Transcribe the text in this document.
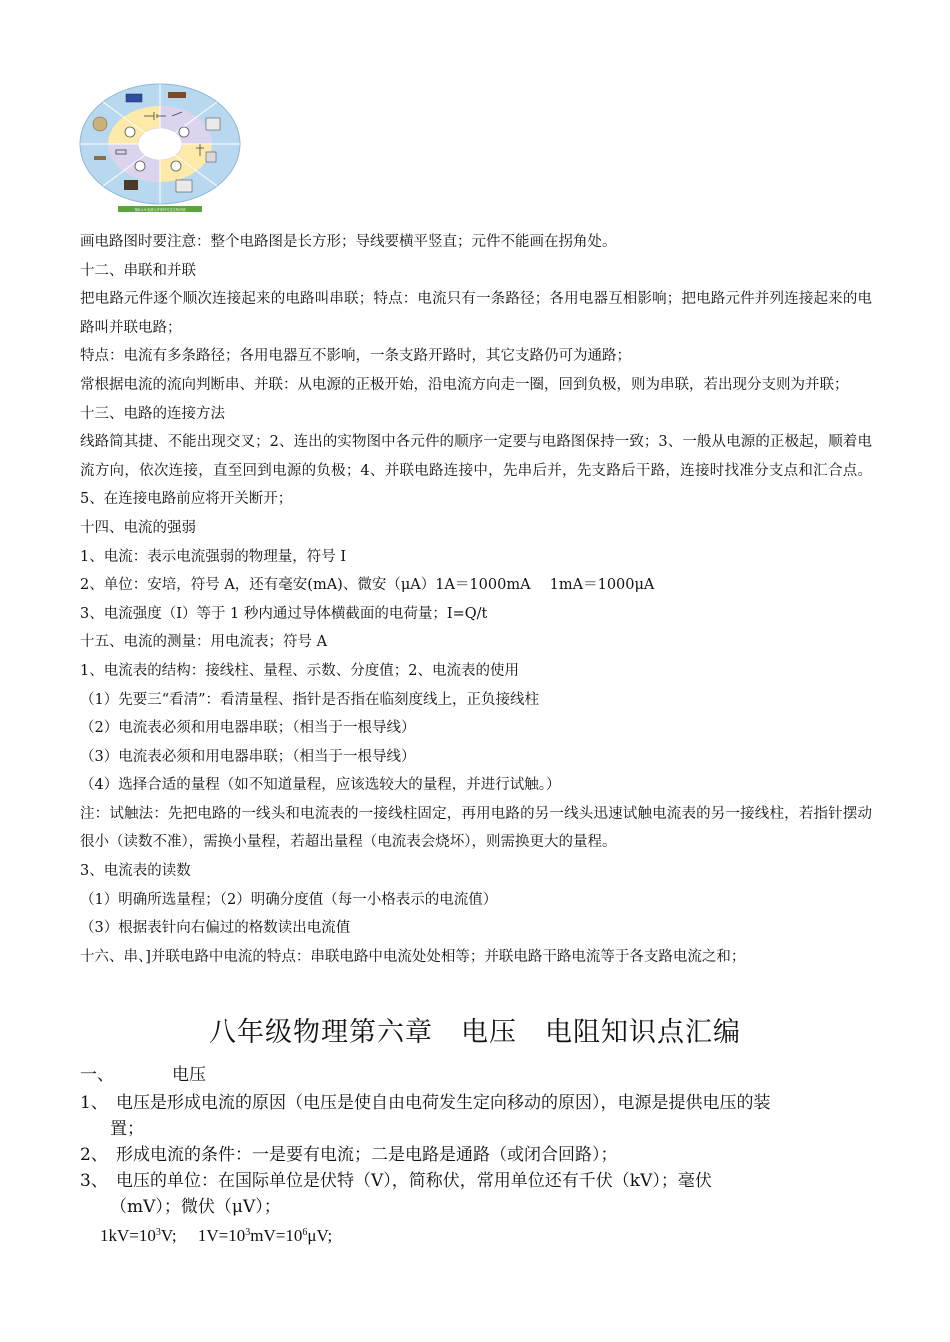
图8-2-9 电路元件的符号及实物对照

画电路图时要注意：整个电路图是长方形；导线要横平竖直；元件不能画在拐角处。

十二、串联和并联

把电路元件逐个顺次连接起来的电路叫串联；特点：电流只有一条路径；各用电器互相影响；把电路元件并列连接起来的电路叫并联电路；

特点：电流有多条路径；各用电器互不影响，一条支路开路时，其它支路仍可为通路；

常根据电流的流向判断串、并联：从电源的正极开始，沿电流方向走一圈，回到负极，则为串联，若出现分支则为并联；

十三、电路的连接方法

线路简其捷、不能出现交叉；2、连出的实物图中各元件的顺序一定要与电路图保持一致；3、一般从电源的正极起，顺着电流方向，依次连接，直至回到电源的负极；4、并联电路连接中，先串后并，先支路后干路，连接时找准分支点和汇合点。5、在连接电路前应将开关断开；

十四、电流的强弱

1、电流：表示电流强弱的物理量，符号 I

2、单位：安培，符号 A，还有毫安(mA)、微安（μA）1A＝1000mA　 1mA＝1000μA

3、电流强度（I）等于 1 秒内通过导体横截面的电荷量；I=Q/t

十五、电流的测量：用电流表；符号 A

1、电流表的结构：接线柱、量程、示数、分度值；2、电流表的使用

（1）先要三“看清”：看清量程、指针是否指在临刻度线上，正负接线柱

（2）电流表必须和用电器串联；（相当于一根导线）

（3）电流表必须和用电器串联；（相当于一根导线）

（4）选择合适的量程（如不知道量程，应该选较大的量程，并进行试触。）

注：试触法：先把电路的一线头和电流表的一接线柱固定，再用电路的另一线头迅速试触电流表的另一接线柱，若指针摆动很小（读数不准），需换小量程，若超出量程（电流表会烧坏），则需换更大的量程。

3、电流表的读数

（1）明确所选量程；（2）明确分度值（每一小格表示的电流值）

（3）根据表针向右偏过的格数读出电流值

十六、串、]并联电路中电流的特点：串联电路中电流处处相等；并联电路干路电流等于各支路电流之和；

八年级物理第六章 电压 电阻知识点汇编

一、	电压

1、 电压是形成电流的原因（电压是使自由电荷发生定向移动的原因），电源是提供电压的装

置；

2、 形成电流的条件：一是要有电流；二是电路是通路（或闭合回路）；
3、 电压的单位：在国际单位是伏特（V），简称伏，常用单位还有千伏（kV）；毫伏

（mV）；微伏（μV）；

$1kV=10^3V$; $1V=10^3mV=10^6\mu V$;
